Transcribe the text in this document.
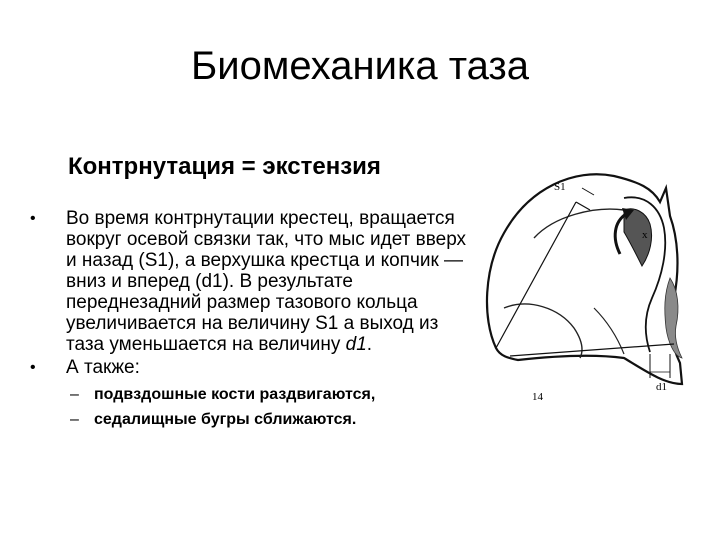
Биомеханика таза
Контрнутация = экстензия
•	Во время контрнутации крестец, вращается вокруг осевой связки так, что мыс идет вверх и назад (S1), а верхушка крестца и копчик — вниз и вперед (d1). В результате переднезадний размер тазового кольца увеличивается на величину S1 а выход из таза уменьшается на величину d1.
•	А также:
– подвздошные кости раздвигаются,
– седалищные бугры сближаются.
S1
x
d1
14
